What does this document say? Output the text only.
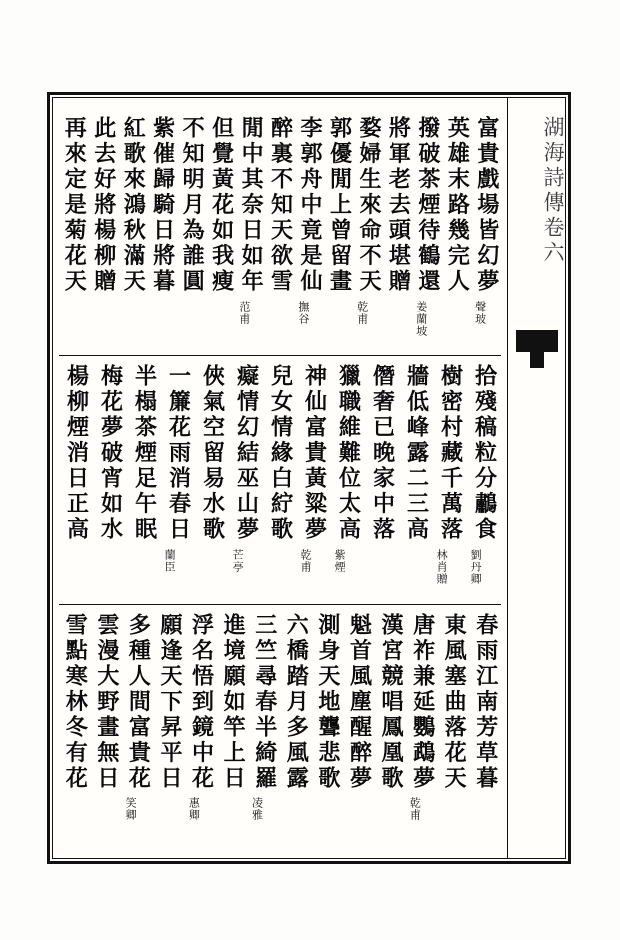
湖海詩傳卷六
富貴戲場皆幻夢
聲玻
英雄末路幾完人
撥破茶煙待鶴還
姜蘭坡
將軍老去頭堪贈
婺婦生來命不天
乾甫
郭優閒上曾留畫
李郭舟中竟是仙
撫谷
醉裏不知天欲雪
閒中其奈日如年
范甫
但覺黃花如我瘦
不知明月為誰圓
紫催歸騎日將暮
紅歌來鴻秋滿天
此去好將楊柳贈
再來定是菊花天
拾殘稿粒分鷫食
劉丹卿
樹密村藏千萬落
林肖贈
牆低峰露二三高
僭奢已晚家中落
獵職維難位太高
紫煙
神仙富貴黃粱夢
乾甫
兒女情緣白紵歌
癡情幻結巫山夢
芒亭
俠氣空留易水歌
一簾花雨消春日
蘭臣
半榻茶煙足午眠
梅花夢破宵如水
楊柳煙消日正高
春雨江南芳草暮
東風塞曲落花天
唐祚兼延鸚鵡夢
乾甫
漢宮競唱鳳凰歌
魁首風塵醒醉夢
測身天地聾悲歌
六橋踏月多風露
三竺尋春半綺羅
凌雅
進境願如竿上日
浮名悟到鏡中花
惠卿
願逢天下昇平日
多種人間富貴花
笑卿
雲漫大野畫無日
雪點寒林冬有花
